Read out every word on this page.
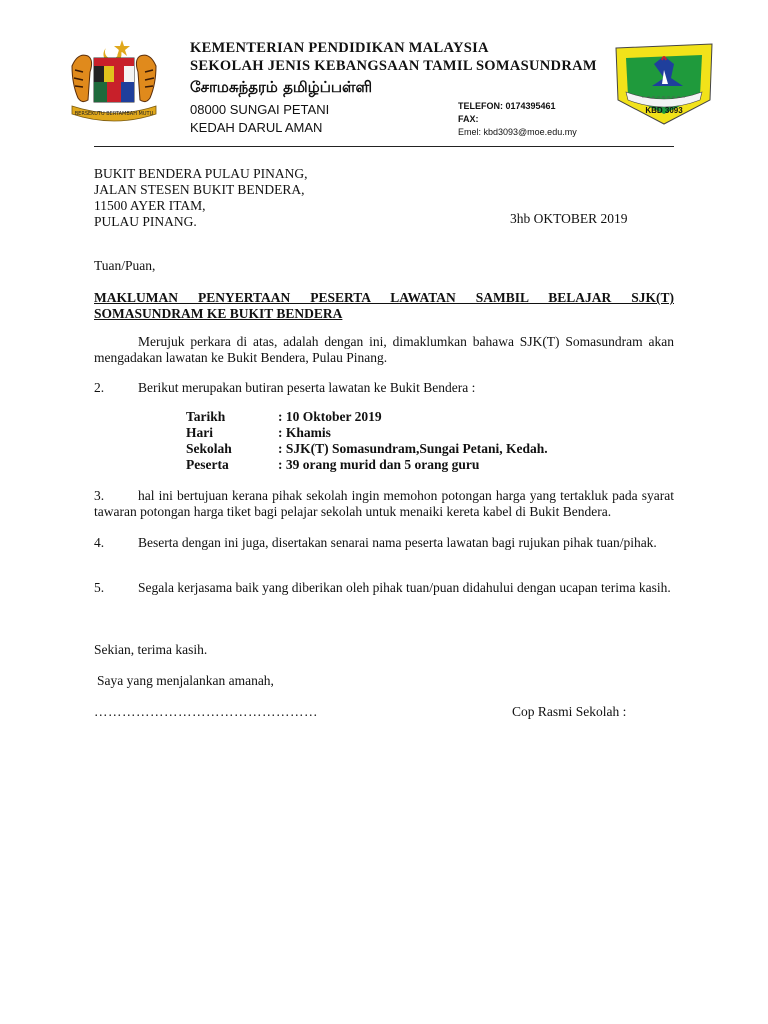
BERSEKUTU BERTAMBAH MUTU
KEMENTERIAN PENDIDIKAN MALAYSIA
SEKOLAH JENIS KEBANGSAAN TAMIL SOMASUNDRAM
சோமசுந்தரம் தமிழ்ப்பள்ளி
08000 SUNGAI PETANI
KEDAH DARUL AMAN
TELEFON: 0174395461
FAX:
Emel: kbd3093@moe.edu.my
KBD 3093
BUKIT BENDERA PULAU PINANG,
JALAN STESEN BUKIT BENDERA,
11500 AYER ITAM,
PULAU PINANG.	3hb OKTOBER 2019
Tuan/Puan,
MAKLUMAN PENYERTAAN PESERTA LAWATAN SAMBIL BELAJAR SJK(T)
SOMASUNDRAM KE BUKIT BENDERA
Merujuk perkara di atas, adalah dengan ini, dimaklumkan bahawa SJK(T) Somasundram akan mengadakan lawatan ke Bukit Bendera, Pulau Pinang.
2.	Berikut merupakan butiran peserta lawatan ke Bukit Bendera :
Tarikh	: 10 Oktober 2019
Hari	: Khamis
Sekolah	: SJK(T) Somasundram,Sungai Petani, Kedah.
Peserta	: 39 orang murid dan 5 orang guru
3.	hal ini bertujuan kerana pihak sekolah ingin memohon potongan harga yang tertakluk pada syarat tawaran potongan harga tiket bagi pelajar sekolah untuk menaiki kereta kabel di Bukit Bendera.
4.	Beserta dengan ini juga, disertakan senarai nama peserta lawatan bagi rujukan pihak tuan/pihak.
5.	Segala kerjasama baik yang diberikan oleh pihak tuan/puan didahului dengan ucapan terima kasih.
Sekian, terima kasih.
Saya yang menjalankan amanah,
…………………………………………	Cop Rasmi Sekolah :
